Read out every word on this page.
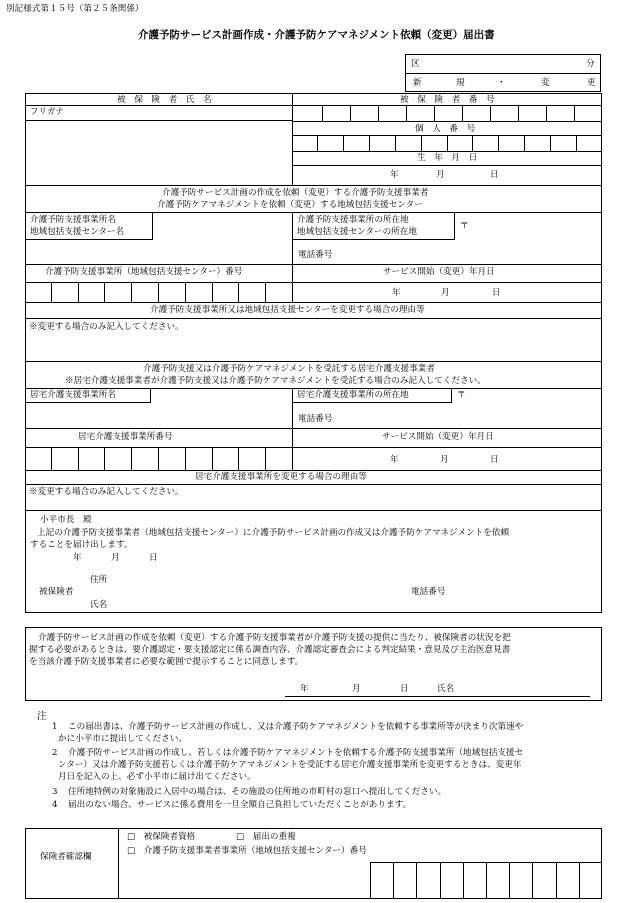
別記様式第１５号（第２５条関係）
介護予防サービス計画作成・介護予防ケアマネジメント依頼（変更）届出書
区	分
新	規	・	変	更
被　保　険　者　氏　名	被　保　険　者　番　号
フリガナ
個　人　番　号
生　年　月　日
年	月	日
介護予防サービス計画の作成を依頼（変更）する介護予防支援事業者
介護予防ケアマネジメントを依頼（変更）する地域包括支援センター
介護予防支援事業所名
地域包括支援センター名
介護予防支援事業所の所在地
地域包括支援センターの所在地
〒
電話番号
介護予防支援事業所（地域包括支援センター）番号	サービス開始（変更）年月日
年	月	日
介護予防支援事業所又は地域包括支援センターを変更する場合の理由等
※変更する場合のみ記入してください。
介護予防支援又は介護予防ケアマネジメントを受託する居宅介護支援事業者
※居宅介護支援事業者が介護予防支援又は介護予防ケアマネジメントを受託する場合のみ記入してください。
居宅介護支援事業所名	居宅介護支援事業所の所在地	〒
電話番号
居宅介護支援事業所番号	サービス開始（変更）年月日
年	月	日
居宅介護支援事業所を変更する場合の理由等
※変更する場合のみ記入してください。
小平市長　殿
上記の介護予防支援事業者（地域包括支援センター）に介護予防サービス計画の作成又は介護予防ケアマネジメントを依頼
することを届け出します。
年	月	日
住所
被保険者
氏名
電話番号
介護予防サービス計画の作成を依頼（変更）する介護予防支援事業者が介護予防支援の提供に当たり、被保険者の状況を把
握する必要があるときは、要介護認定・要支援認定に係る調査内容、介護認定審査会による判定結果・意見及び主治医意見書
を当該介護予防支援事業者に必要な範囲で提示することに同意します。
年	月	日	氏名
注
1 この届出書は、介護予防サービス計画の作成し、又は介護予防ケアマネジメントを依頼する事業所等が決まり次第速や
かに小平市に提出してください。
2 介護予防サービス計画の作成し、若しくは介護予防ケアマネジメントを依頼する介護予防支援事業所（地域包括支援セ
ンター）又は介護予防支援若しくは介護予防ケアマネジメントを受託する居宅介護支援事業所を変更するときは、変更年
月日を記入の上、必ず小平市に届け出てください。
3 住所地特例の対象施設に入居中の場合は、その施設の住所地の市町村の窓口へ提出してください。
4 届出のない場合、サービスに係る費用を一旦全額自己負担していただくことがあります。
保険者確認欄
□　被保険者資格	□　届出の重複
□　介護予防支援事業者事業所（地域包括支援センター）番号
